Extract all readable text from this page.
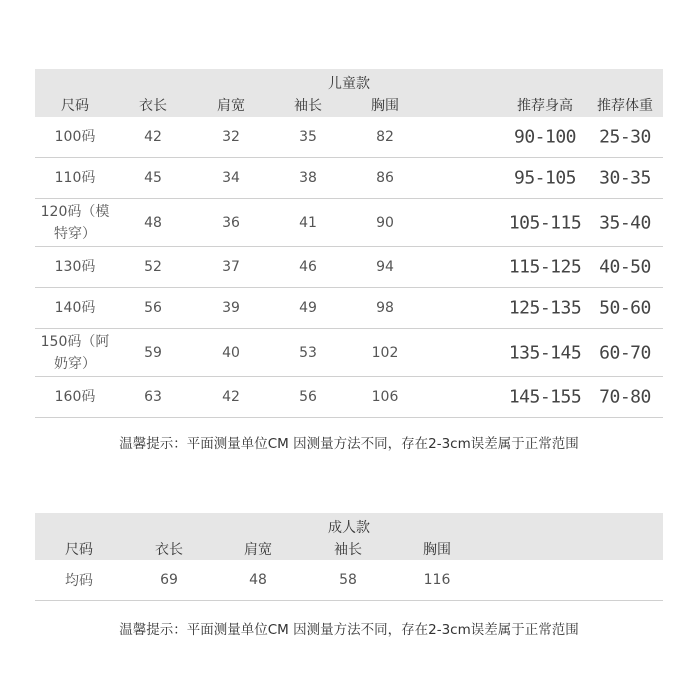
儿童款
尺码	衣长	肩宽	袖长	胸围	推荐身高 推荐体重
100码	42	32	35	82	90-100 25-30
110码	45	34	38	86	95-105 30-35
120码（模
特穿）
48	36	41	90	105-115 35-40
130码	52	37	46	94	115-125 40-50
140码	56	39	49	98	125-135 50-60
150码（阿
奶穿）
59	40	53	102	135-145 60-70
160码	63	42	56	106	145-155 70-80
温馨提示：平面测量单位CM 因测量方法不同，存在2-3cm误差属于正常范围
成人款
尺码	衣长	肩宽	袖长	胸围
均码	69	48	58	116
温馨提示：平面测量单位CM 因测量方法不同，存在2-3cm误差属于正常范围
